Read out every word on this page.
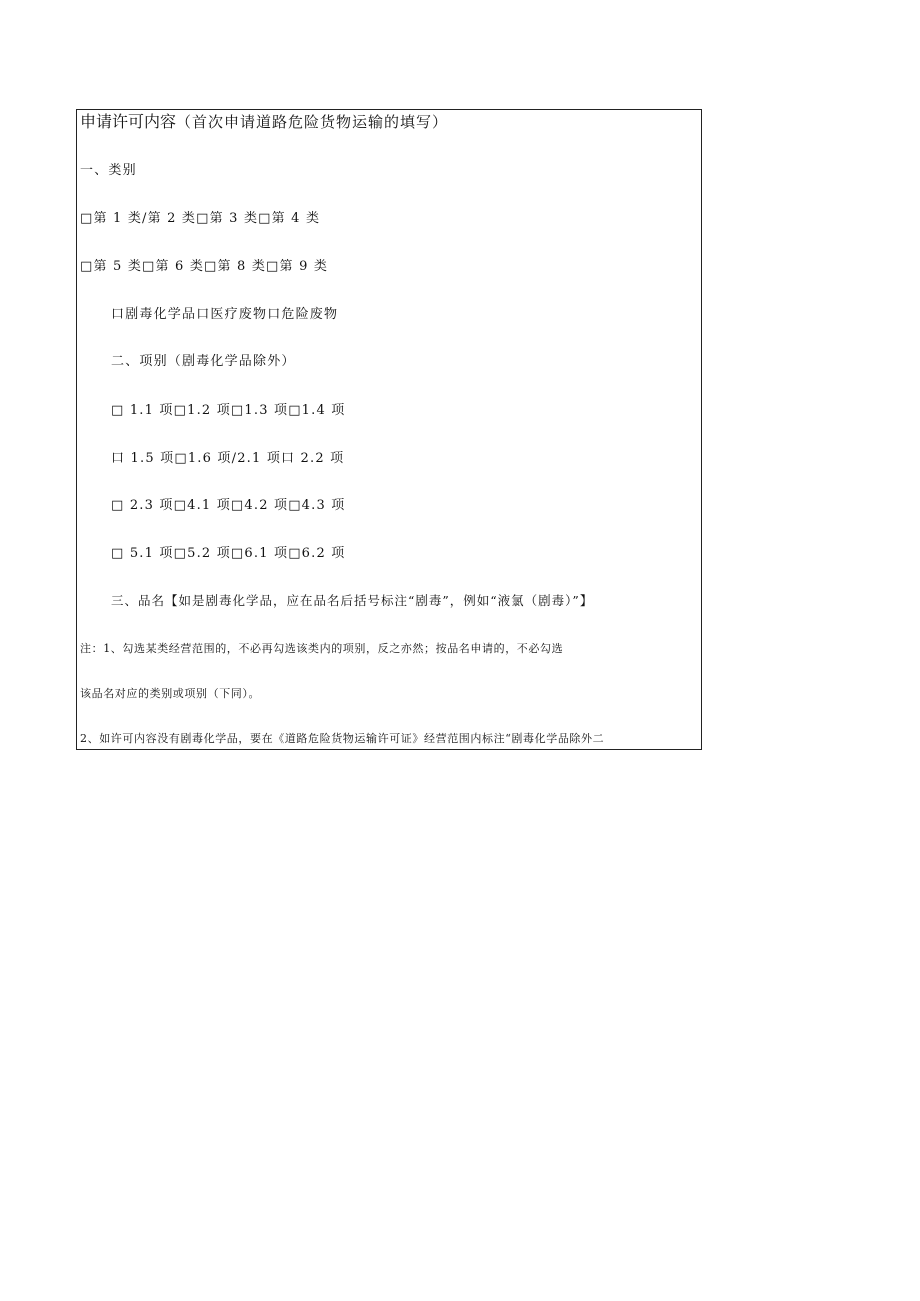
申请许可内容（首次申请道路危险货物运输的填写）
一、类别
□第 1 类/第 2 类□第 3 类□第 4 类
□第 5 类□第 6 类□第 8 类□第 9 类
口剧毒化学品口医疗废物口危险废物
二、项别（剧毒化学品除外）
□ 1.1 项□1.2 项□1.3 项□1.4 项
口 1.5 项□1.6 项/2.1 项口 2.2 项
□ 2.3 项□4.1 项□4.2 项□4.3 项
□ 5.1 项□5.2 项□6.1 项□6.2 项
三、品名【如是剧毒化学品，应在品名后括号标注“剧毒”，例如“液氯（剧毒）”】
注：1、勾选某类经营范围的，不必再勾选该类内的项别，反之亦然；按品名申请的，不必勾选
该品名对应的类别或项别（下同）。
2、如许可内容没有剧毒化学品，要在《道路危险货物运输许可证》经营范围内标注“剧毒化学品除外二
